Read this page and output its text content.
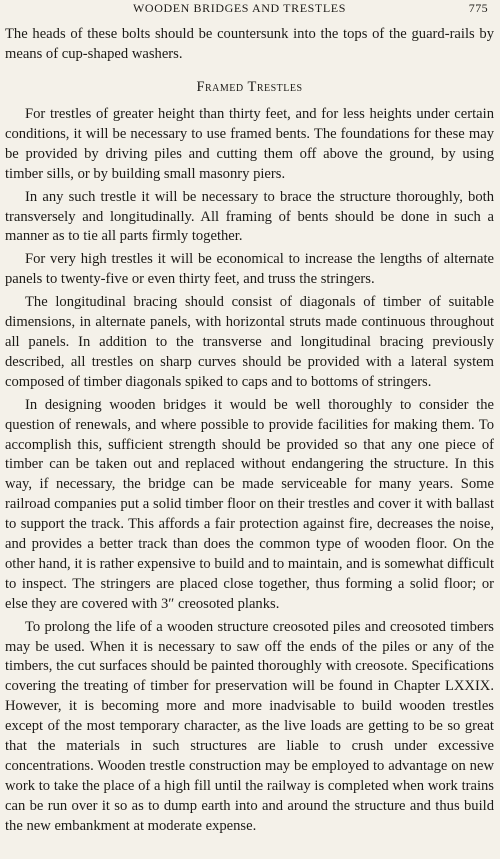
WOODEN BRIDGES AND TRESTLES	775

The heads of these bolts should be countersunk into the tops of the guard-rails by means of cup-shaped washers.

Framed Trestles

For trestles of greater height than thirty feet, and for less heights under certain conditions, it will be necessary to use framed bents. The foundations for these may be provided by driving piles and cutting them off above the ground, by using timber sills, or by building small masonry piers.

In any such trestle it will be necessary to brace the structure thoroughly, both transversely and longitudinally. All framing of bents should be done in such a manner as to tie all parts firmly together.

For very high trestles it will be economical to increase the lengths of alternate panels to twenty-five or even thirty feet, and truss the stringers.

The longitudinal bracing should consist of diagonals of timber of suitable dimensions, in alternate panels, with horizontal struts made continuous throughout all panels. In addition to the transverse and longitudinal bracing previously described, all trestles on sharp curves should be provided with a lateral system composed of timber diagonals spiked to caps and to bottoms of stringers.

In designing wooden bridges it would be well thoroughly to consider the question of renewals, and where possible to provide facilities for making them. To accomplish this, sufficient strength should be provided so that any one piece of timber can be taken out and replaced without endangering the structure. In this way, if necessary, the bridge can be made serviceable for many years. Some railroad companies put a solid timber floor on their trestles and cover it with ballast to support the track. This affords a fair protection against fire, decreases the noise, and provides a better track than does the common type of wooden floor. On the other hand, it is rather expensive to build and to maintain, and is somewhat difficult to inspect. The stringers are placed close together, thus forming a solid floor; or else they are covered with 3″ creosoted planks.

To prolong the life of a wooden structure creosoted piles and creosoted timbers may be used. When it is necessary to saw off the ends of the piles or any of the timbers, the cut surfaces should be painted thoroughly with creosote. Specifications covering the treating of timber for preservation will be found in Chapter LXXIX. However, it is becoming more and more inadvisable to build wooden trestles except of the most temporary character, as the live loads are getting to be so great that the materials in such structures are liable to crush under excessive concentrations. Wooden trestle construction may be employed to advantage on new work to take the place of a high fill until the railway is completed when work trains can be run over it so as to dump earth into and around the structure and thus build the new embankment at moderate expense.
